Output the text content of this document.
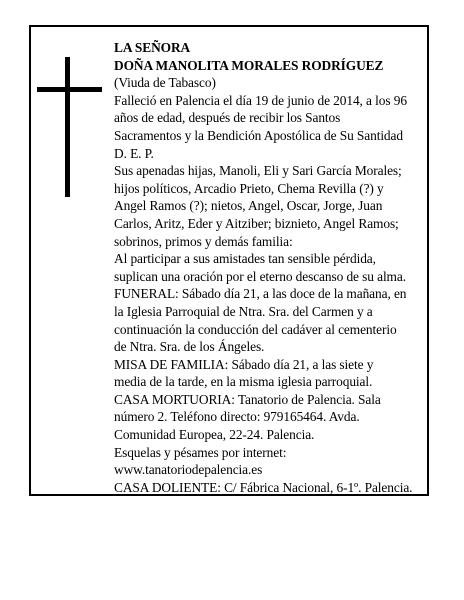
LA SEÑORA
DOÑA MANOLITA MORALES RODRÍGUEZ
(Viuda de Tabasco)
Falleció en Palencia el día 19 de junio de 2014, a los 96
años de edad, después de recibir los Santos
Sacramentos y la Bendición Apostólica de Su Santidad
D. E. P.
Sus apenadas hijas, Manoli, Eli y Sari García Morales;
hijos políticos, Arcadio Prieto, Chema Revilla (?) y
Angel Ramos (?); nietos, Angel, Oscar, Jorge, Juan
Carlos, Aritz, Eder y Aitziber; biznieto, Angel Ramos;
sobrinos, primos y demás familia:
Al participar a sus amistades tan sensible pérdida,
suplican una oración por el eterno descanso de su alma.
FUNERAL: Sábado día 21, a las doce de la mañana, en
la Iglesia Parroquial de Ntra. Sra. del Carmen y a
continuación la conducción del cadáver al cementerio
de Ntra. Sra. de los Ángeles.
MISA DE FAMILIA: Sábado día 21, a las siete y
media de la tarde, en la misma iglesia parroquial.
CASA MORTUORIA: Tanatorio de Palencia. Sala
número 2. Teléfono directo: 979165464. Avda.
Comunidad Europea, 22-24. Palencia.
Esquelas y pésames por internet:
www.tanatoriodepalencia.es
CASA DOLIENTE: C/ Fábrica Nacional, 6-1º. Palencia.
